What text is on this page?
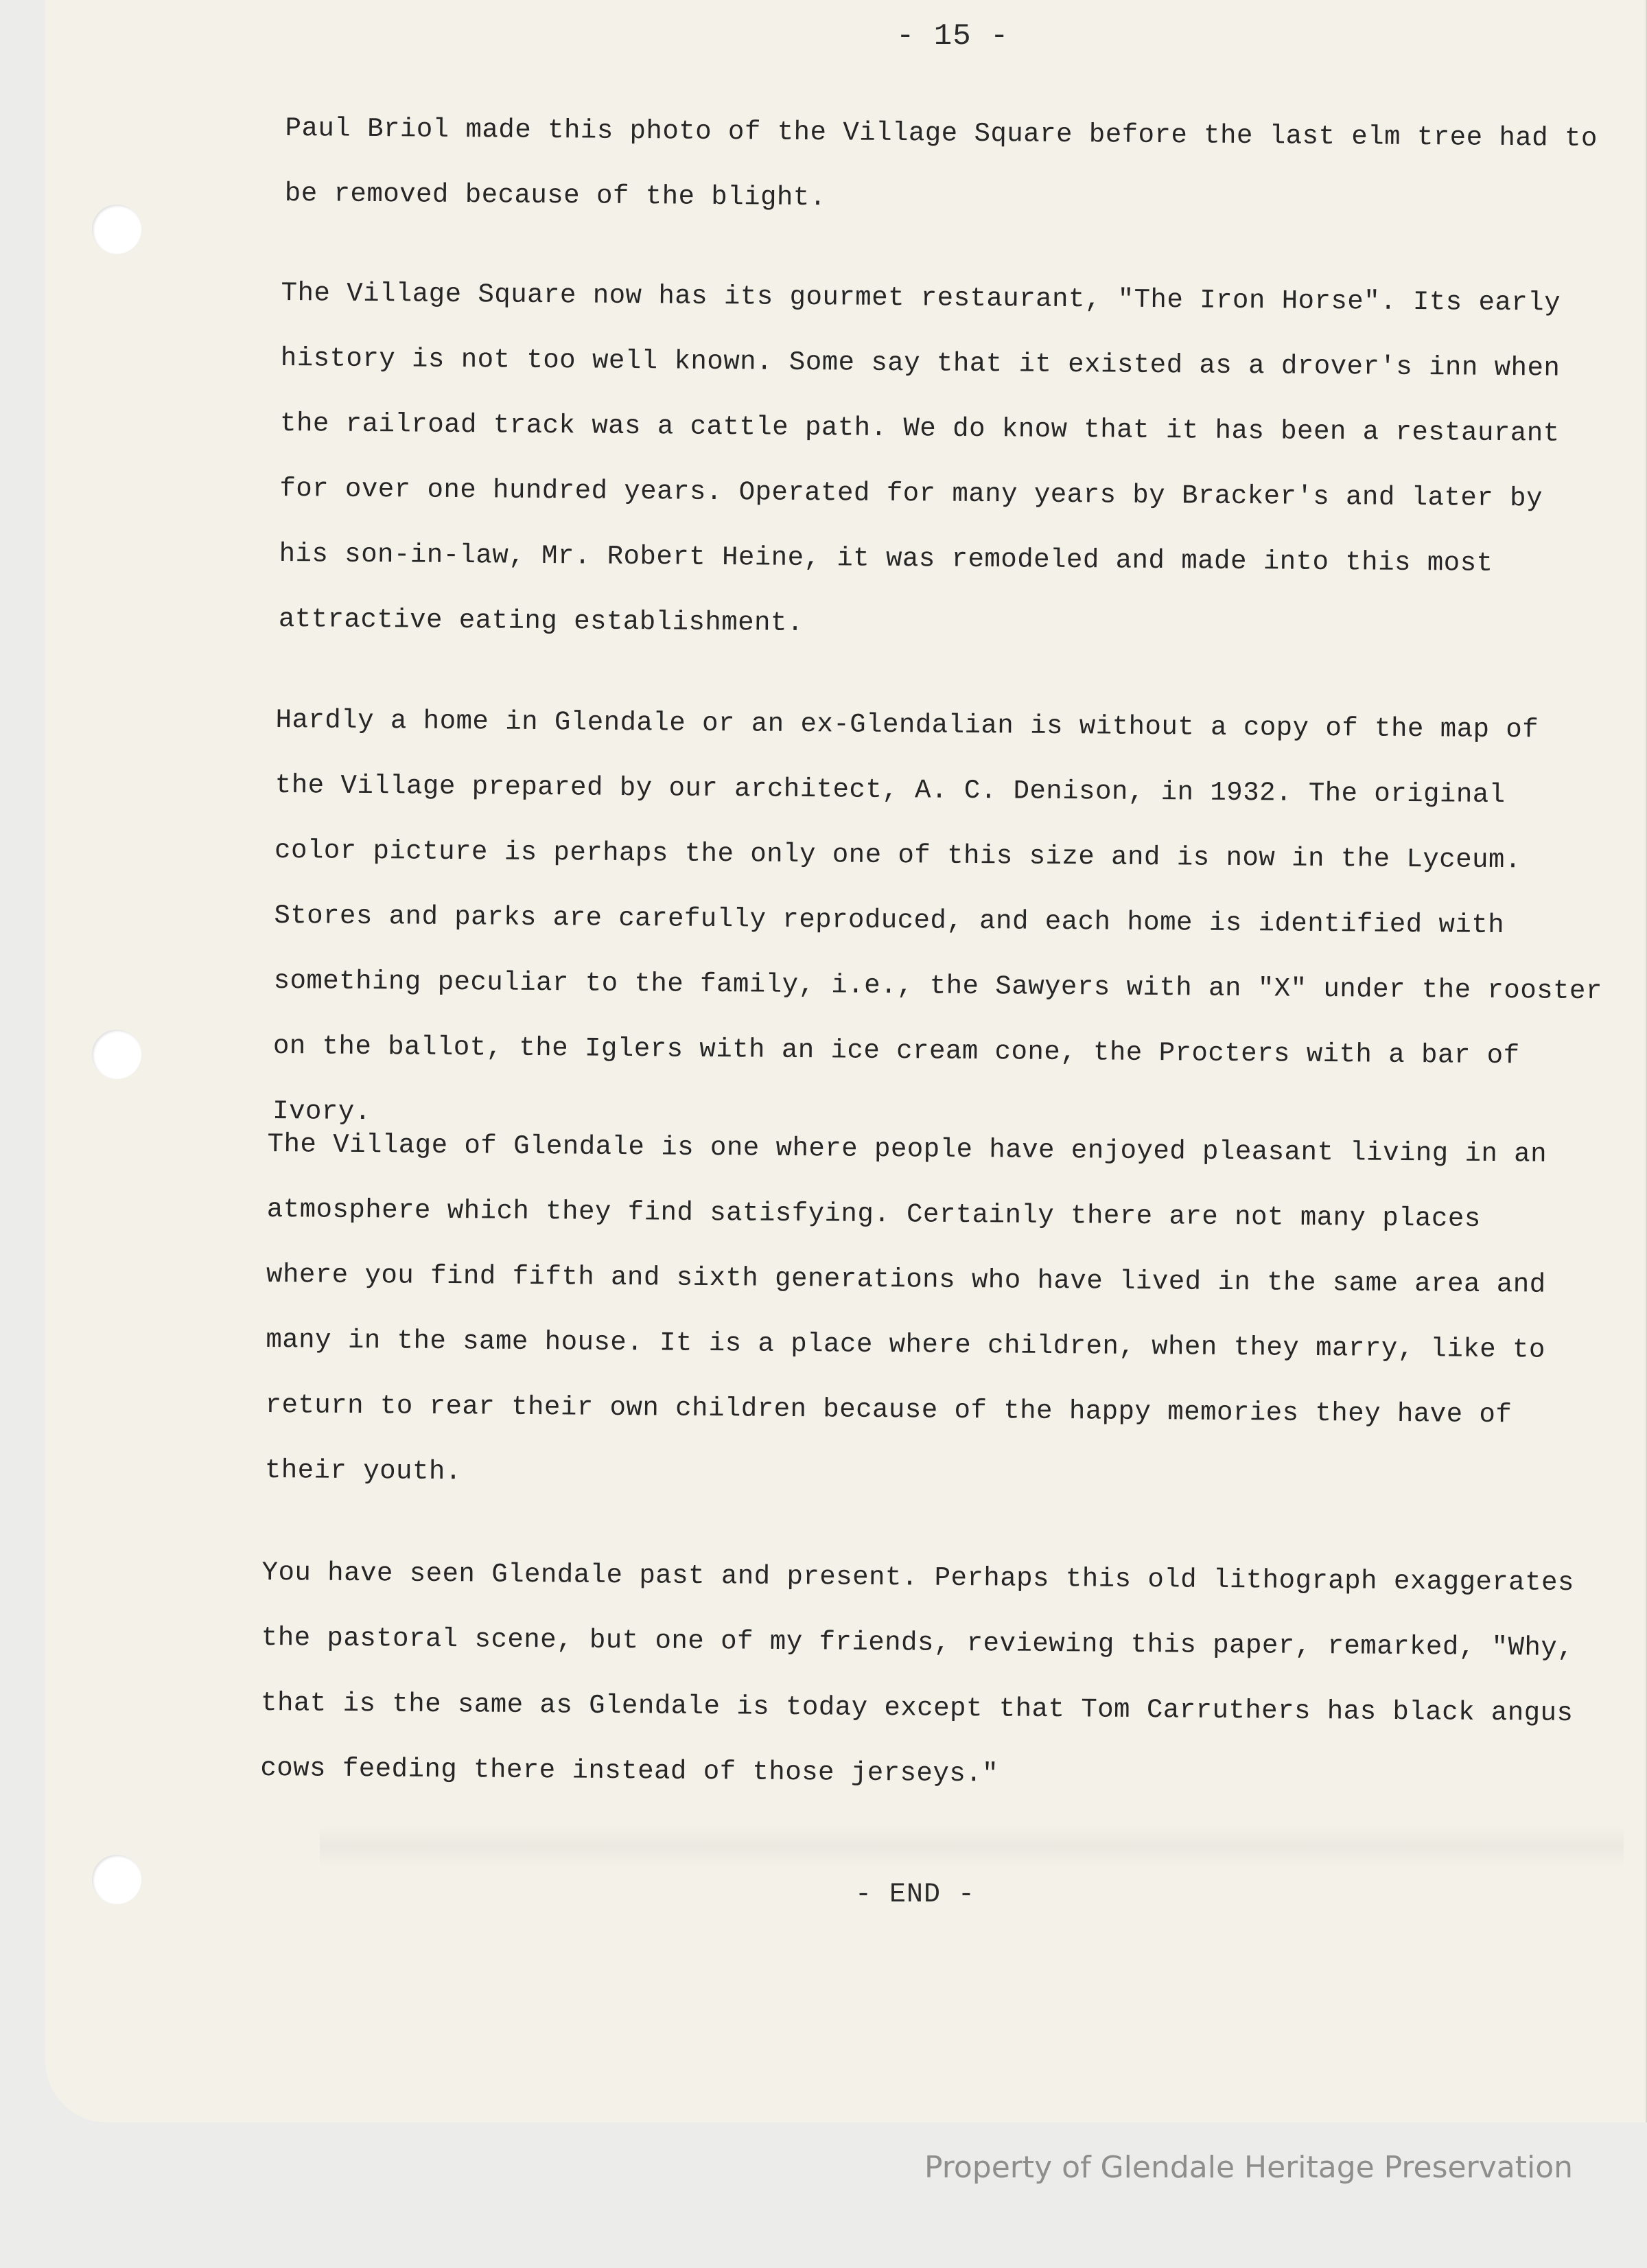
- 15 -

Paul Briol made this photo of the Village Square before the last elm tree had to
be removed because of the blight.

The Village Square now has its gourmet restaurant, "The Iron Horse". Its early
history is not too well known. Some say that it existed as a drover's inn when
the railroad track was a cattle path. We do know that it has been a restaurant
for over one hundred years. Operated for many years by Bracker's and later by
his son-in-law, Mr. Robert Heine, it was remodeled and made into this most
attractive eating establishment.

Hardly a home in Glendale or an ex-Glendalian is without a copy of the map of
the Village prepared by our architect, A. C. Denison, in 1932. The original
color picture is perhaps the only one of this size and is now in the Lyceum.
Stores and parks are carefully reproduced, and each home is identified with
something peculiar to the family, i.e., the Sawyers with an "X" under the rooster
on the ballot, the Iglers with an ice cream cone, the Procters with a bar of Ivory.

The Village of Glendale is one where people have enjoyed pleasant living in an
atmosphere which they find satisfying. Certainly there are not many places
where you find fifth and sixth generations who have lived in the same area and
many in the same house. It is a place where children, when they marry, like to
return to rear their own children because of the happy memories they have of
their youth.

You have seen Glendale past and present. Perhaps this old lithograph exaggerates
the pastoral scene, but one of my friends, reviewing this paper, remarked, "Why,
that is the same as Glendale is today except that Tom Carruthers has black angus
cows feeding there instead of those jerseys."

- END -
Property of Glendale Heritage Preservation
